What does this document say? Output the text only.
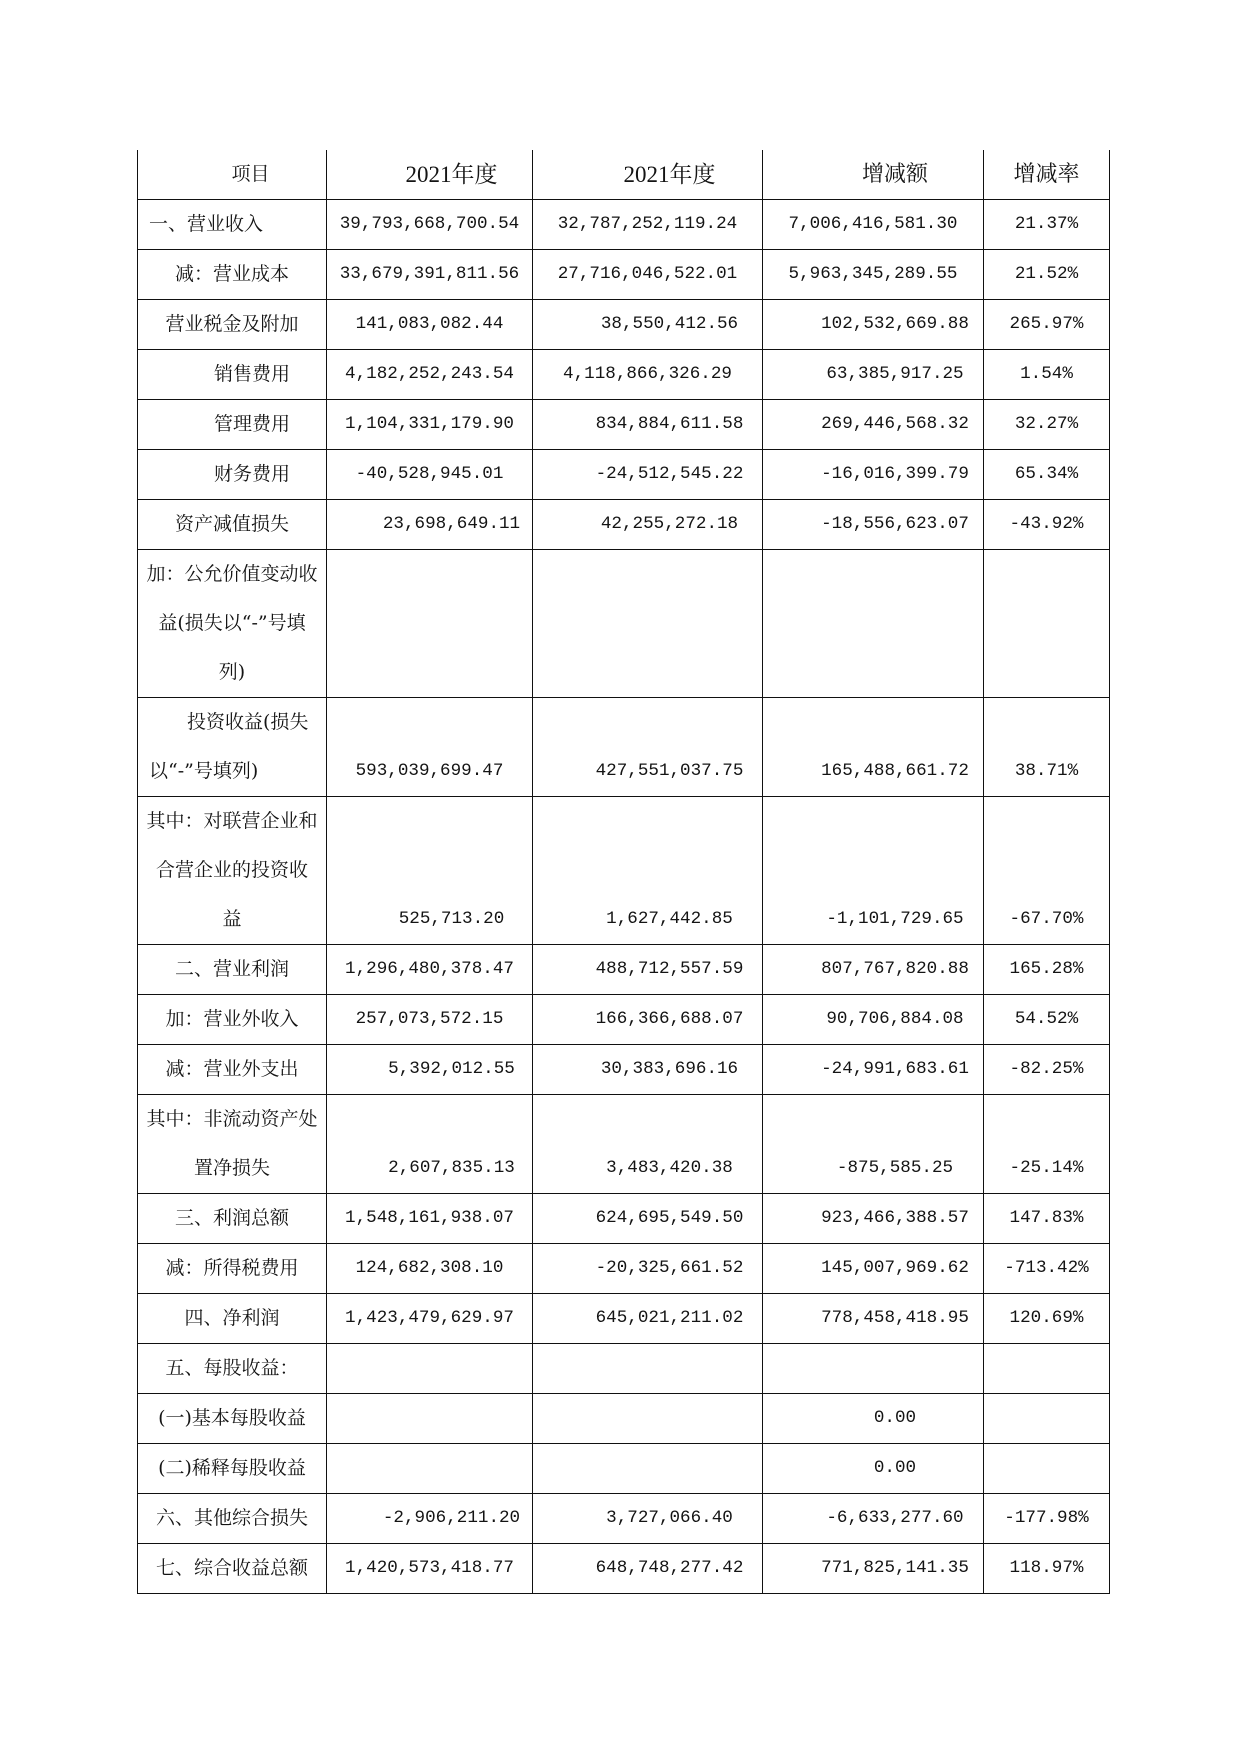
项目	2021年度	2021年度	增减额	增减率
一、营业收入	39,793,668,700.54	32,787,252,119.24	7,006,416,581.30	21.37%
减：营业成本	33,679,391,811.56	27,716,046,522.01	5,963,345,289.55	21.52%
营业税金及附加	141,083,082.44	38,550,412.56	102,532,669.88	265.97%
销售费用	4,182,252,243.54	4,118,866,326.29	63,385,917.25	1.54%
管理费用	1,104,331,179.90	834,884,611.58	269,446,568.32	32.27%
财务费用	-40,528,945.01	-24,512,545.22	-16,016,399.79	65.34%
资产减值损失	23,698,649.11	42,255,272.18	-18,556,623.07	-43.92%
加：公允价值变动收
益(损失以“-”号填
列)				
投资收益(损失
以“-”号填列)	593,039,699.47	427,551,037.75	165,488,661.72	38.71%
其中：对联营企业和
合营企业的投资收
益	525,713.20	1,627,442.85	-1,101,729.65	-67.70%
二、营业利润	1,296,480,378.47	488,712,557.59	807,767,820.88	165.28%
加：营业外收入	257,073,572.15	166,366,688.07	90,706,884.08	54.52%
减：营业外支出	5,392,012.55	30,383,696.16	-24,991,683.61	-82.25%
其中：非流动资产处
置净损失	2,607,835.13	3,483,420.38	-875,585.25	-25.14%
三、利润总额	1,548,161,938.07	624,695,549.50	923,466,388.57	147.83%
减：所得税费用	124,682,308.10	-20,325,661.52	145,007,969.62	-713.42%
四、净利润	1,423,479,629.97	645,021,211.02	778,458,418.95	120.69%
五、每股收益：				
(一)基本每股收益			0.00	
(二)稀释每股收益			0.00	
六、其他综合损失	-2,906,211.20	3,727,066.40	-6,633,277.60	-177.98%
七、综合收益总额	1,420,573,418.77	648,748,277.42	771,825,141.35	118.97%
